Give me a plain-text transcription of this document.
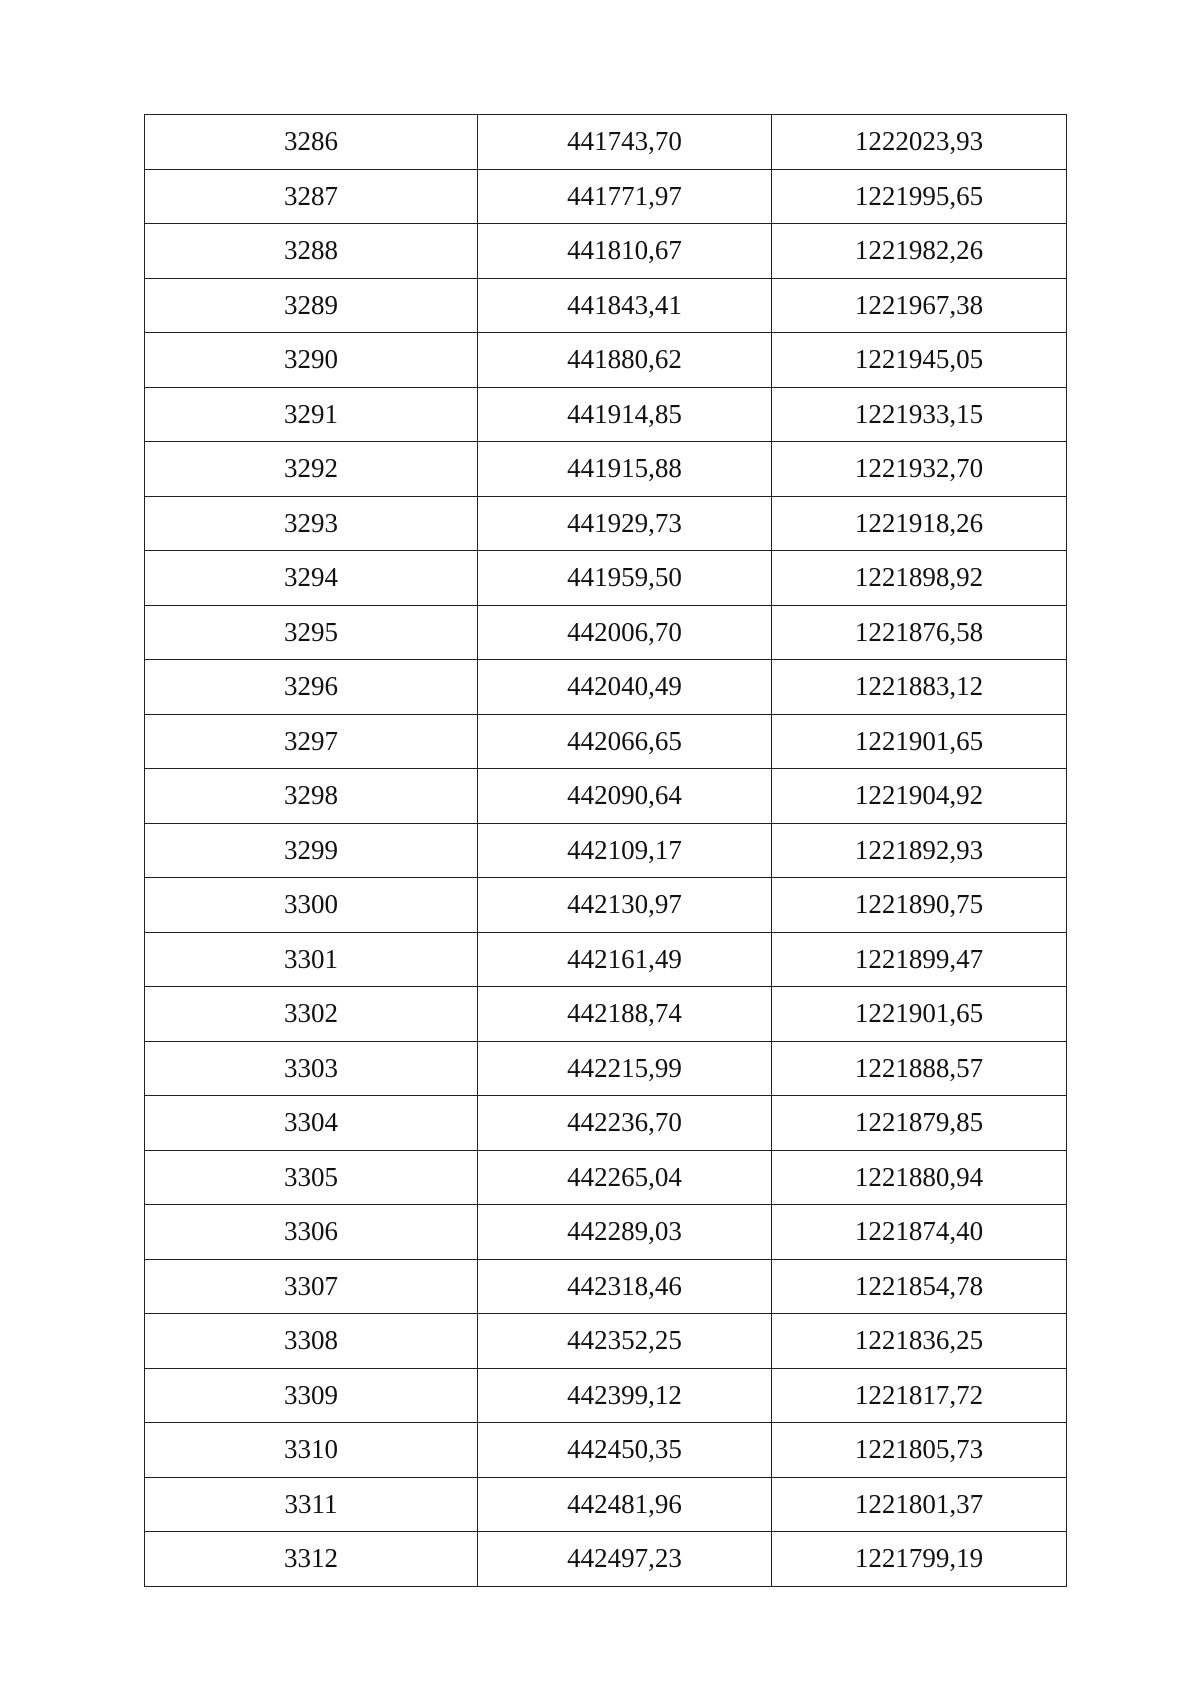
3286	441743,70	1222023,93
3287	441771,97	1221995,65
3288	441810,67	1221982,26
3289	441843,41	1221967,38
3290	441880,62	1221945,05
3291	441914,85	1221933,15
3292	441915,88	1221932,70
3293	441929,73	1221918,26
3294	441959,50	1221898,92
3295	442006,70	1221876,58
3296	442040,49	1221883,12
3297	442066,65	1221901,65
3298	442090,64	1221904,92
3299	442109,17	1221892,93
3300	442130,97	1221890,75
3301	442161,49	1221899,47
3302	442188,74	1221901,65
3303	442215,99	1221888,57
3304	442236,70	1221879,85
3305	442265,04	1221880,94
3306	442289,03	1221874,40
3307	442318,46	1221854,78
3308	442352,25	1221836,25
3309	442399,12	1221817,72
3310	442450,35	1221805,73
3311	442481,96	1221801,37
3312	442497,23	1221799,19
